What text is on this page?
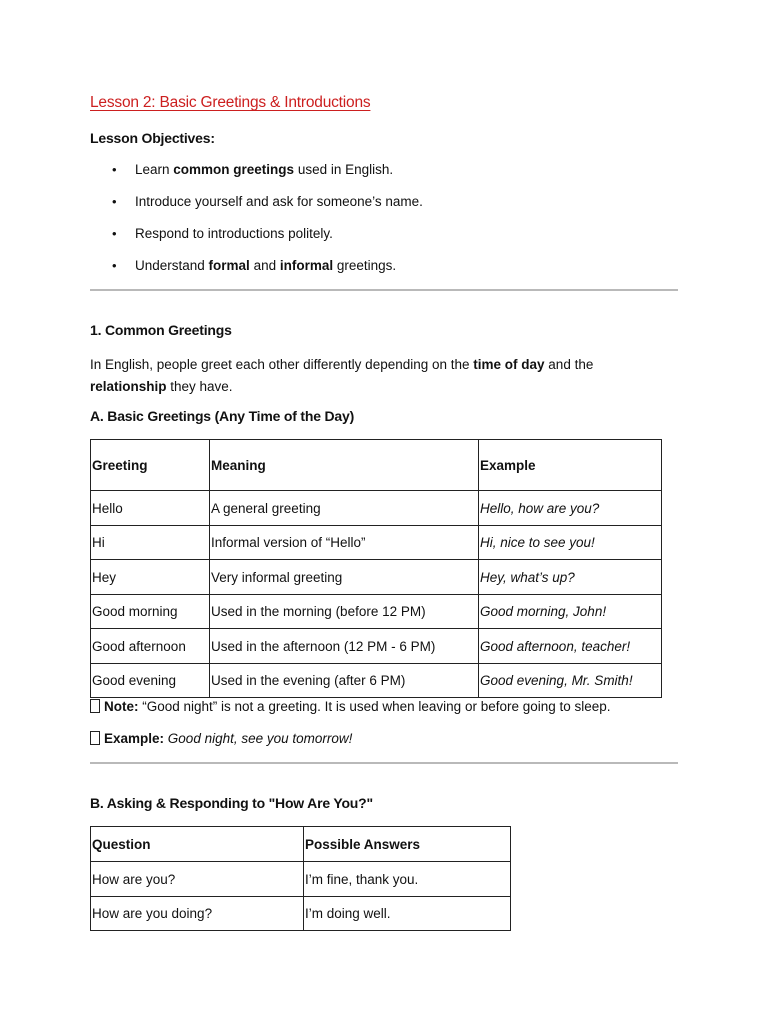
Lesson 2: Basic Greetings & Introductions
Lesson Objectives:
• Learn common greetings used in English.
• Introduce yourself and ask for someone’s name.
• Respond to introductions politely.
• Understand formal and informal greetings.
1. Common Greetings
In English, people greet each other differently depending on the time of day and the relationship they have.
A. Basic Greetings (Any Time of the Day)
Greeting	Meaning	Example
Hello	A general greeting	Hello, how are you?
Hi	Informal version of “Hello”	Hi, nice to see you!
Hey	Very informal greeting	Hey, what’s up?
Good morning	Used in the morning (before 12 PM)	Good morning, John!
Good afternoon	Used in the afternoon (12 PM - 6 PM)	Good afternoon, teacher!
Good evening	Used in the evening (after 6 PM)	Good evening, Mr. Smith!
Note: “Good night” is not a greeting. It is used when leaving or before going to sleep.
Example: Good night, see you tomorrow!
B. Asking & Responding to "How Are You?"
Question	Possible Answers
How are you?	I’m fine, thank you.
How are you doing?	I’m doing well.
